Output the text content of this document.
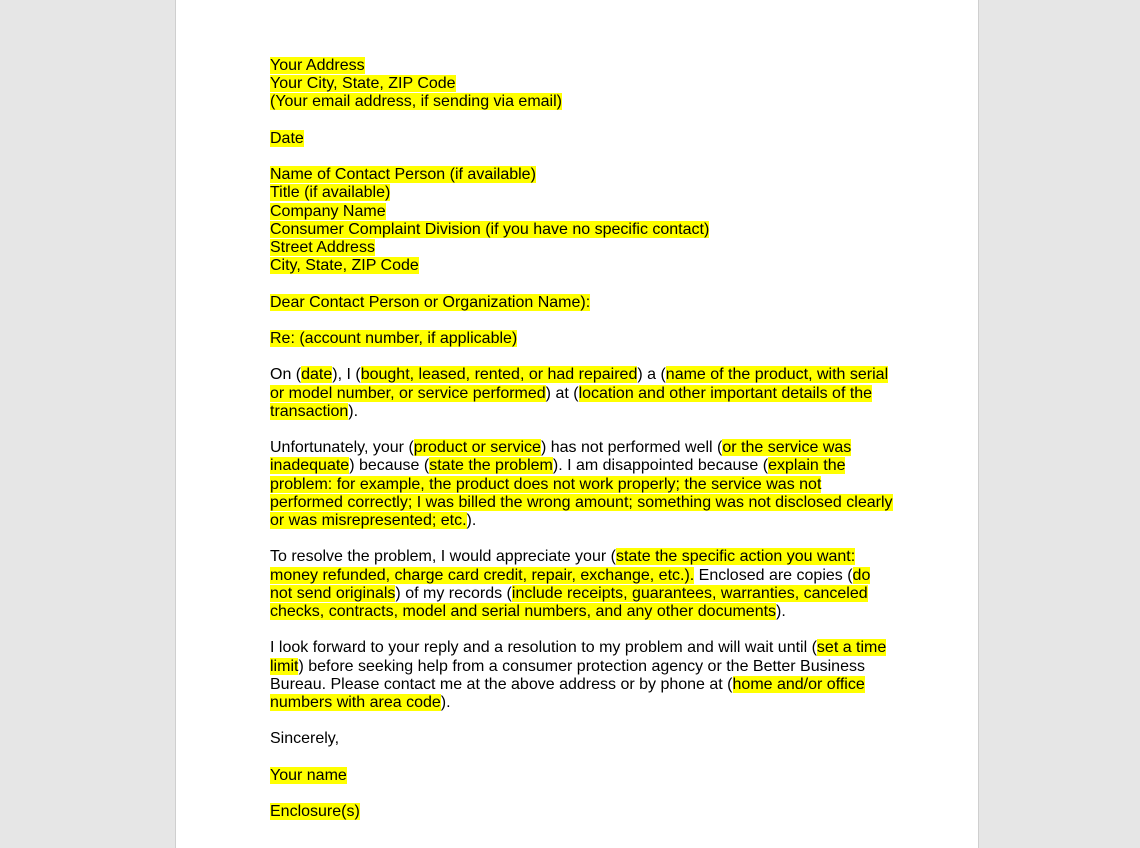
Your Address

Your City, State, ZIP Code

(Your email address, if sending via email)

Date

Name of Contact Person (if available)

Title (if available)

Company Name

Consumer Complaint Division (if you have no specific contact)

Street Address

City, State, ZIP Code

Dear Contact Person or Organization Name):

Re: (account number, if applicable)

On (date), I (bought, leased, rented, or had repaired) a (name of the product, with serial or model number, or service performed) at (location and other important details of the transaction).

Unfortunately, your (product or service) has not performed well (or the service was inadequate) because (state the problem). I am disappointed because (explain the problem: for example, the product does not work properly; the service was not performed correctly; I was billed the wrong amount; something was not disclosed clearly or was misrepresented; etc.).

To resolve the problem, I would appreciate your (state the specific action you want: money refunded, charge card credit, repair, exchange, etc.). Enclosed are copies (do not send originals) of my records (include receipts, guarantees, warranties, canceled checks, contracts, model and serial numbers, and any other documents).

I look forward to your reply and a resolution to my problem and will wait until (set a time limit) before seeking help from a consumer protection agency or the Better Business Bureau. Please contact me at the above address or by phone at (home and/or office numbers with area code).

Sincerely,

Your name

Enclosure(s)
